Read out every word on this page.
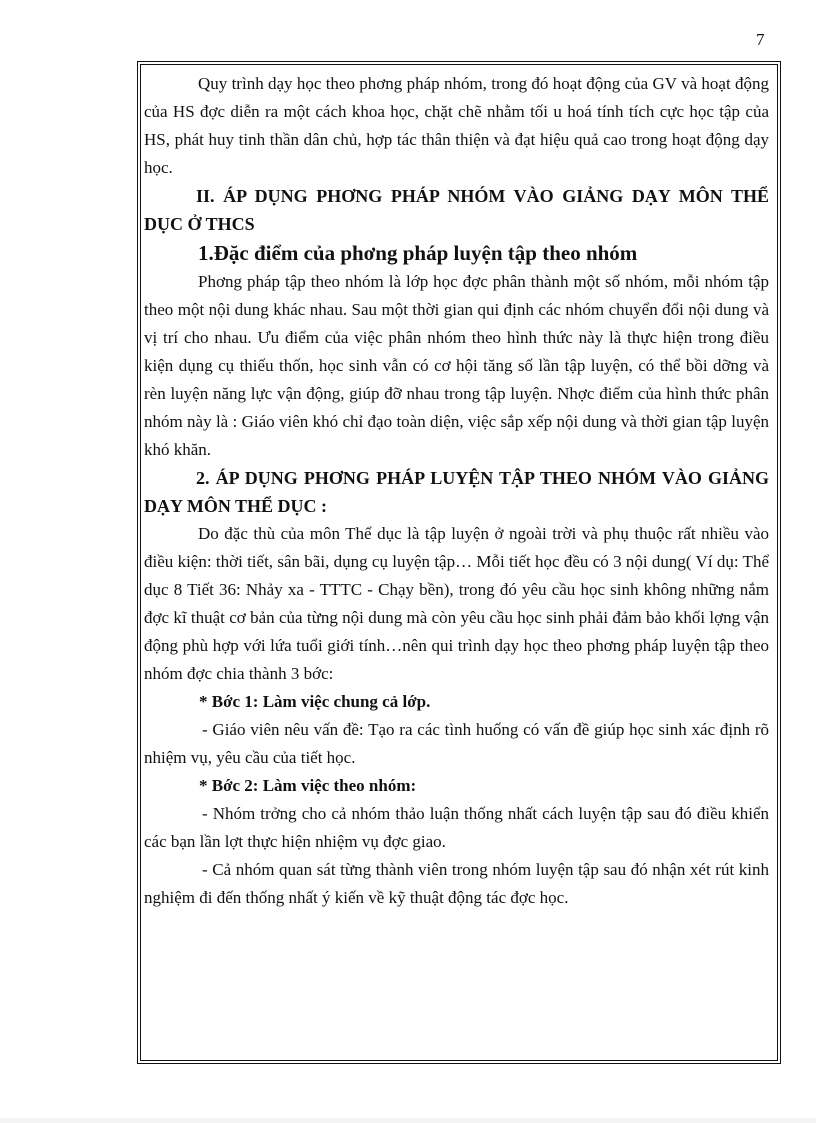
7

Quy trình dạy học theo phơng pháp nhóm, trong đó hoạt động của GV và hoạt động của HS đợc diễn ra một cách khoa học, chặt chẽ nhằm tối u hoá tính tích cực học tập của HS, phát huy tinh thần dân chủ, hợp tác thân thiện và đạt hiệu quả cao trong hoạt động dạy học.

II. ÁP DỤNG PHƠNG PHÁP NHÓM VÀO GIẢNG DẠY MÔN THỂ DỤC Ở THCS

1.Đặc điểm của phơng pháp luyện tập theo nhóm

Phơng pháp tập theo nhóm là lớp học đợc phân thành một số nhóm, mỗi nhóm tập theo một nội dung khác nhau. Sau một thời gian qui định các nhóm chuyển đổi nội dung và vị trí cho nhau. Ưu điểm của việc phân nhóm theo hình thức này là thực hiện trong điều kiện dụng cụ thiếu thốn, học sinh vẫn có cơ hội tăng số lần tập luyện, có thể bồi dỡng và rèn luyện năng lực vận động, giúp đỡ nhau trong tập luyện. Nhợc điểm của hình thức phân nhóm này là : Giáo viên khó chỉ đạo toàn diện, việc sắp xếp nội dung và thời gian tập luyện khó khăn.

2. ÁP DỤNG PHƠNG PHÁP LUYỆN TẬP THEO NHÓM VÀO GIẢNG DẠY MÔN THỂ DỤC :

Do đặc thù của môn Thể dục là tập luyện ở ngoài trời và phụ thuộc rất nhiều vào điều kiện: thời tiết, sân bãi, dụng cụ luyện tập… Mỗi tiết học đều có 3 nội dung( Ví dụ: Thể dục 8 Tiết 36: Nhảy xa - TTTC - Chạy bền), trong đó yêu cầu học sinh không những nắm đợc kĩ thuật cơ bản của từng nội dung mà còn yêu cầu học sinh phải đảm bảo khối lợng vận động phù hợp với lứa tuổi giới tính…nên qui trình dạy học theo phơng pháp luyện tập theo nhóm đợc chia thành 3 bớc:

* Bớc 1: Làm việc chung cả lớp.

- Giáo viên nêu vấn đề: Tạo ra các tình huống có vấn đề giúp học sinh xác định rõ nhiệm vụ, yêu cầu của tiết học.

* Bớc 2: Làm việc theo nhóm:

- Nhóm trởng cho cả nhóm thảo luận thống nhất cách luyện tập sau đó điều khiển các bạn lần lợt thực hiện nhiệm vụ đợc giao.

- Cả nhóm quan sát từng thành viên trong nhóm luyện tập sau đó nhận xét rút kinh nghiệm đi đến thống nhất ý kiến về kỹ thuật động tác đợc học.
